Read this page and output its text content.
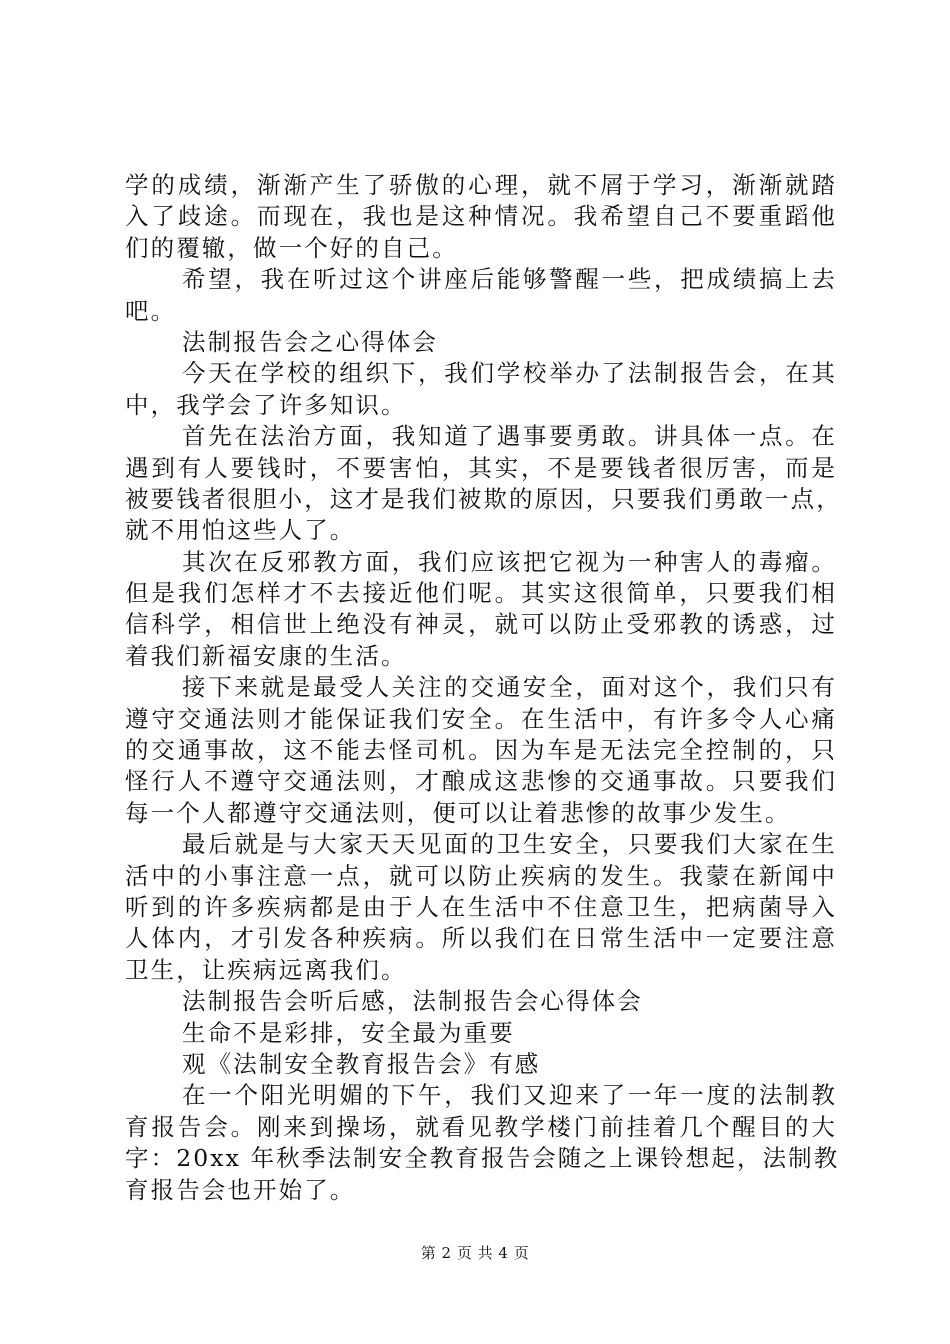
学的成绩，渐渐产生了骄傲的心理，就不屑于学习，渐渐就踏
入了歧途。而现在，我也是这种情况。我希望自己不要重蹈他
们的覆辙，做一个好的自己。
希望，我在听过这个讲座后能够警醒一些，把成绩搞上去
吧。
法制报告会之心得体会
今天在学校的组织下，我们学校举办了法制报告会，在其
中，我学会了许多知识。
首先在法治方面，我知道了遇事要勇敢。讲具体一点。在
遇到有人要钱时，不要害怕，其实，不是要钱者很厉害，而是
被要钱者很胆小，这才是我们被欺的原因，只要我们勇敢一点，
就不用怕这些人了。
其次在反邪教方面，我们应该把它视为一种害人的毒瘤。
但是我们怎样才不去接近他们呢。其实这很简单，只要我们相
信科学，相信世上绝没有神灵，就可以防止受邪教的诱惑，过
着我们新福安康的生活。
接下来就是最受人关注的交通安全，面对这个，我们只有
遵守交通法则才能保证我们安全。在生活中，有许多令人心痛
的交通事故，这不能去怪司机。因为车是无法完全控制的，只
怪行人不遵守交通法则，才酿成这悲惨的交通事故。只要我们
每一个人都遵守交通法则，便可以让着悲惨的故事少发生。
最后就是与大家天天见面的卫生安全，只要我们大家在生
活中的小事注意一点，就可以防止疾病的发生。我蒙在新闻中
听到的许多疾病都是由于人在生活中不住意卫生，把病菌导入
人体内，才引发各种疾病。所以我们在日常生活中一定要注意
卫生，让疾病远离我们。
法制报告会听后感，法制报告会心得体会
生命不是彩排，安全最为重要
观《法制安全教育报告会》有感
在一个阳光明媚的下午，我们又迎来了一年一度的法制教
育报告会。刚来到操场，就看见教学楼门前挂着几个醒目的大
字：20xx 年秋季法制安全教育报告会随之上课铃想起，法制教
育报告会也开始了。
第 2 页 共 4 页
